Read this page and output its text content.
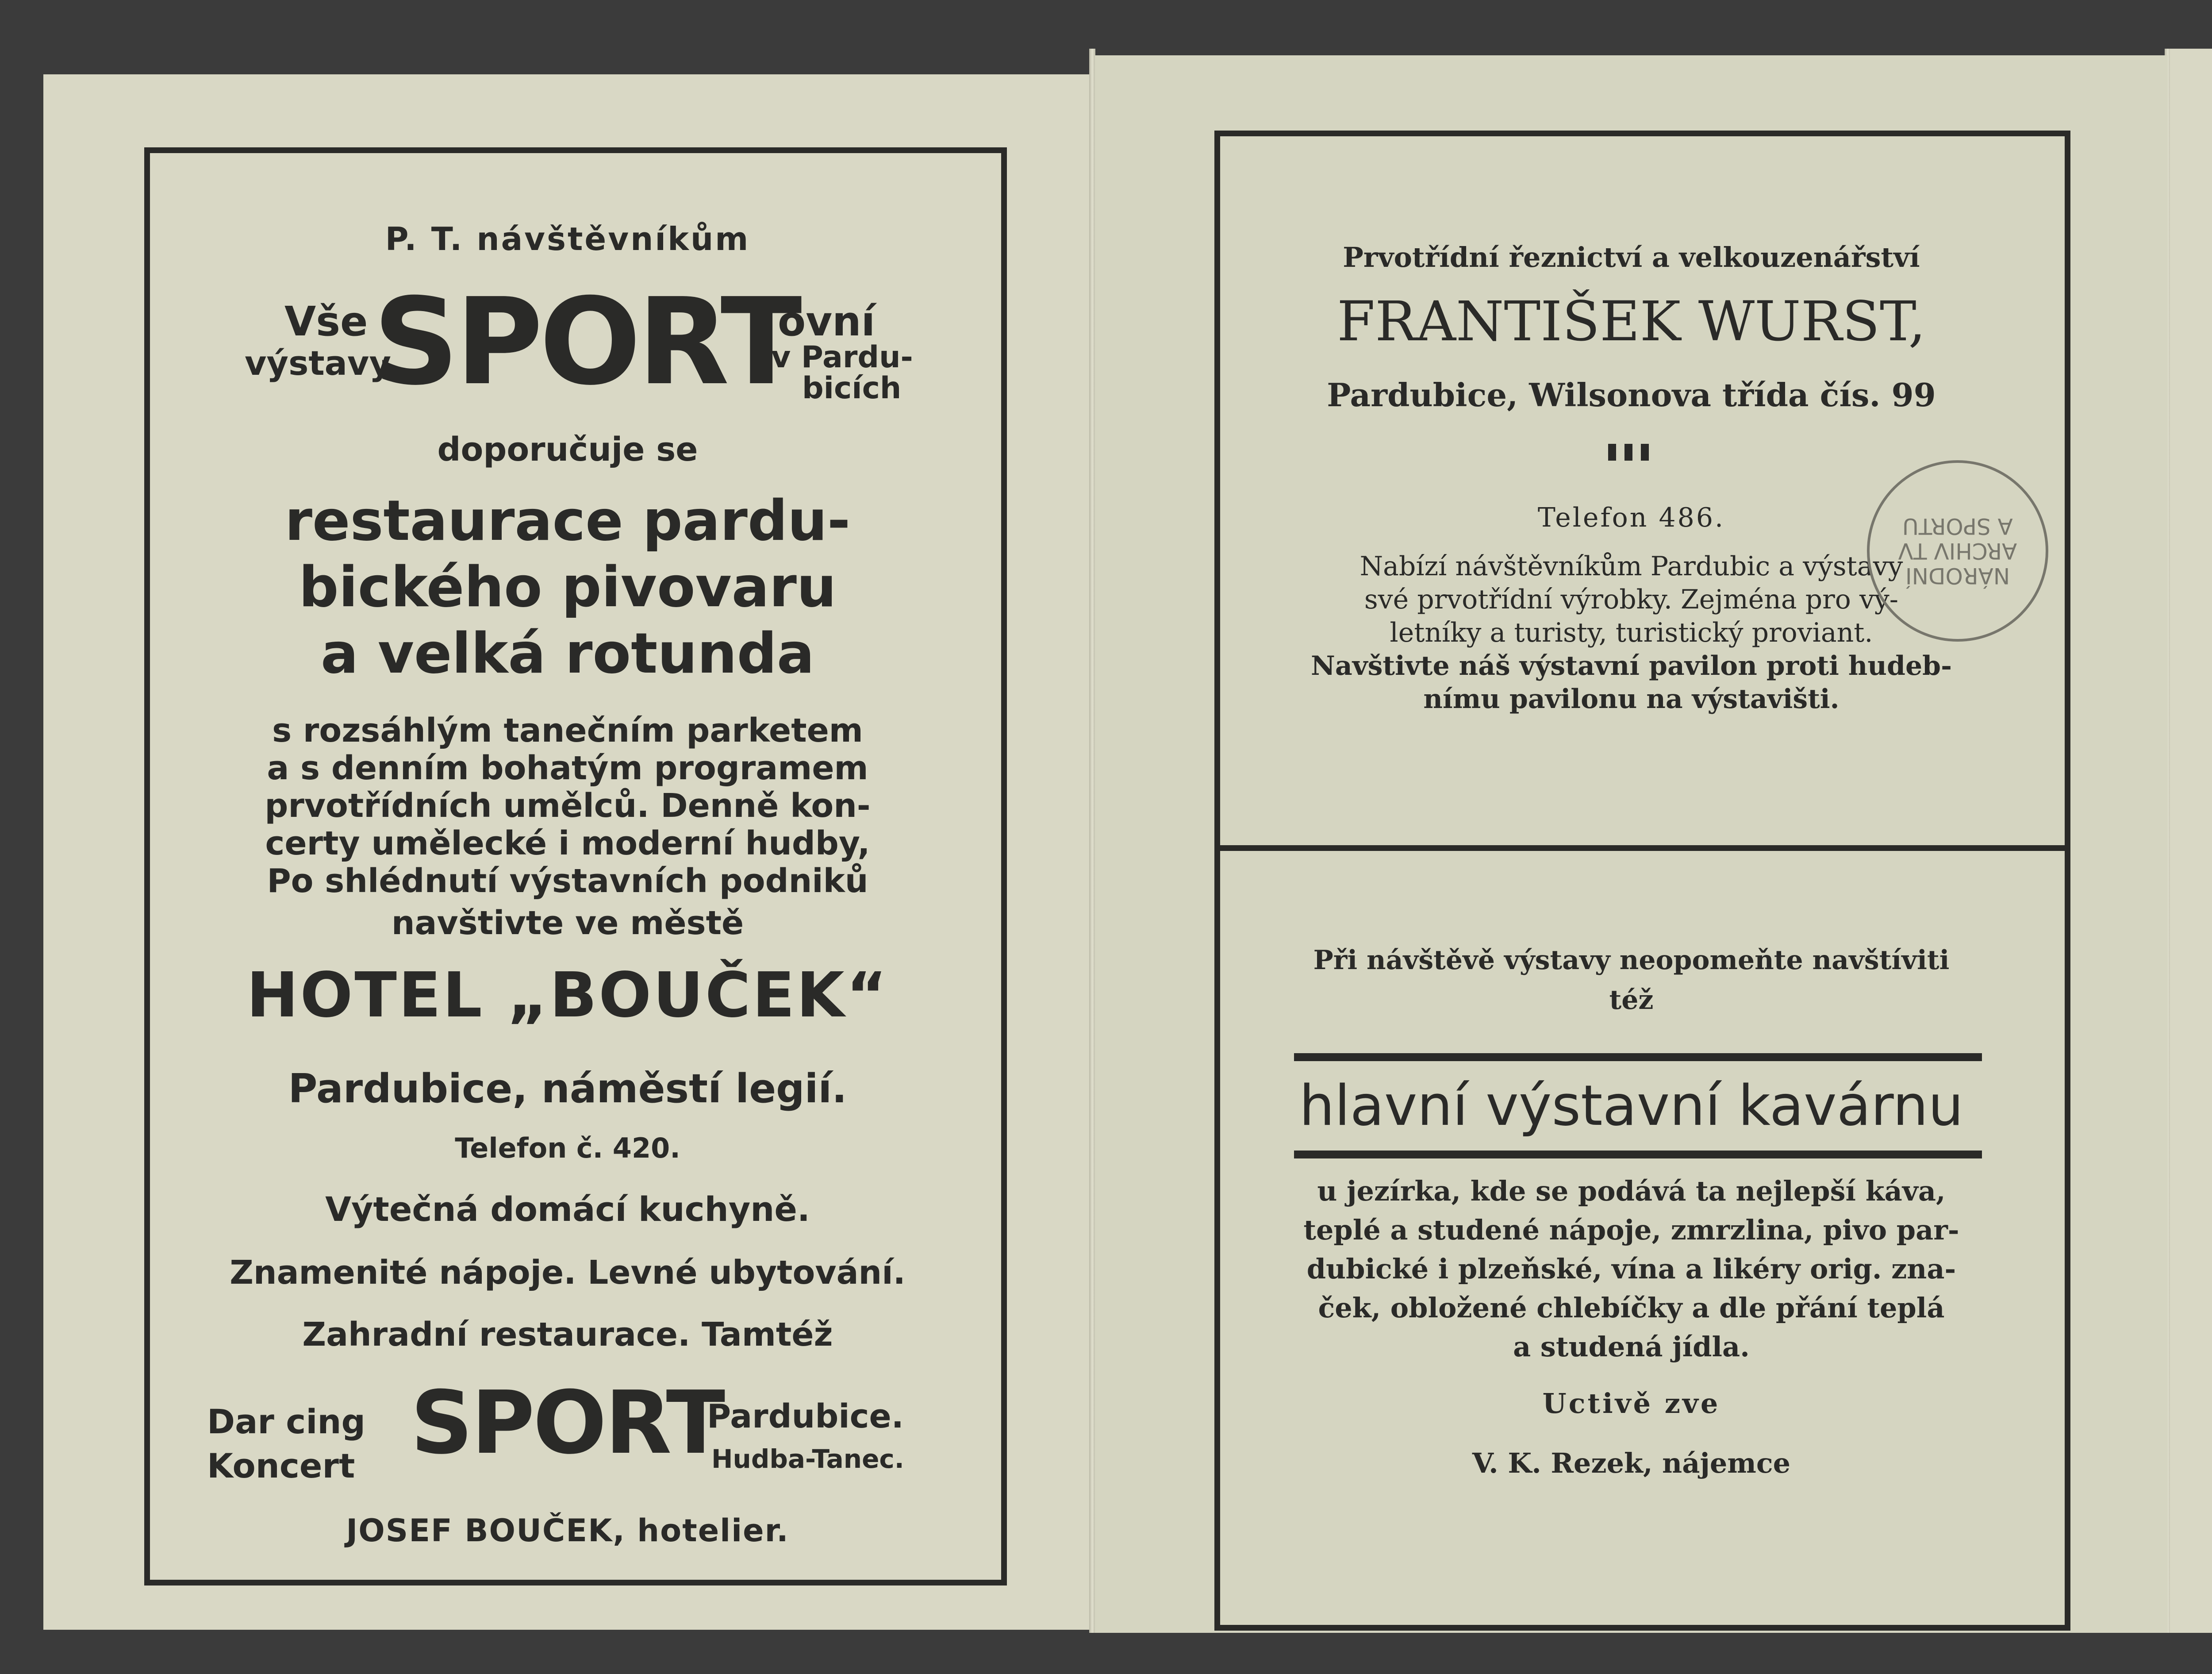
P. T. návštěvníkům
Vše
výstavy
SPORT
ovní
v Pardu-
bicích
doporučuje se
restaurace pardu-
bického pivovaru
a velká rotunda
s rozsáhlým tanečním parketem
a s denním bohatým programem
prvotřídních umělců. Denně kon-
certy umělecké i moderní hudby,
Po shlédnutí výstavních podniků
navštivte ve městě
HOTEL „BOUČEK“
Pardubice, náměstí legií.
Telefon č. 420.
Výtečná domácí kuchyně.
Znamenité nápoje. Levné ubytování.
Zahradní restaurace. Tamtéž
Dar cing
Koncert SPORT
Pardubice.
Hudba-Tanec.
JOSEF BOUČEK, hotelier.
Prvotřídní řeznictví a velkouzenářství
FRANTIŠEK WURST,
Pardubice, Wilsonova třída čís. 99
Telefon 486.
Nabízí návštěvníkům Pardubic a výstavy
své prvotřídní výrobky. Zejména pro vý-
letníky a turisty, turistický proviant.
Navštivte náš výstavní pavilon proti hudeb-
nímu pavilonu na výstavišti.
NÁRODNÍ
ARCHIV TV
A SPORTU
Při návštěvě výstavy neopomeňte navštíviti
též
hlavní výstavní kavárnu
u jezírka, kde se podává ta nejlepší káva,
teplé a studené nápoje, zmrzlina, pivo par-
dubické i plzeňské, vína a likéry orig. zna-
ček, obložené chlebíčky a dle přání teplá
a studená jídla.
Uctivě zve
V. K. Rezek, nájemce
